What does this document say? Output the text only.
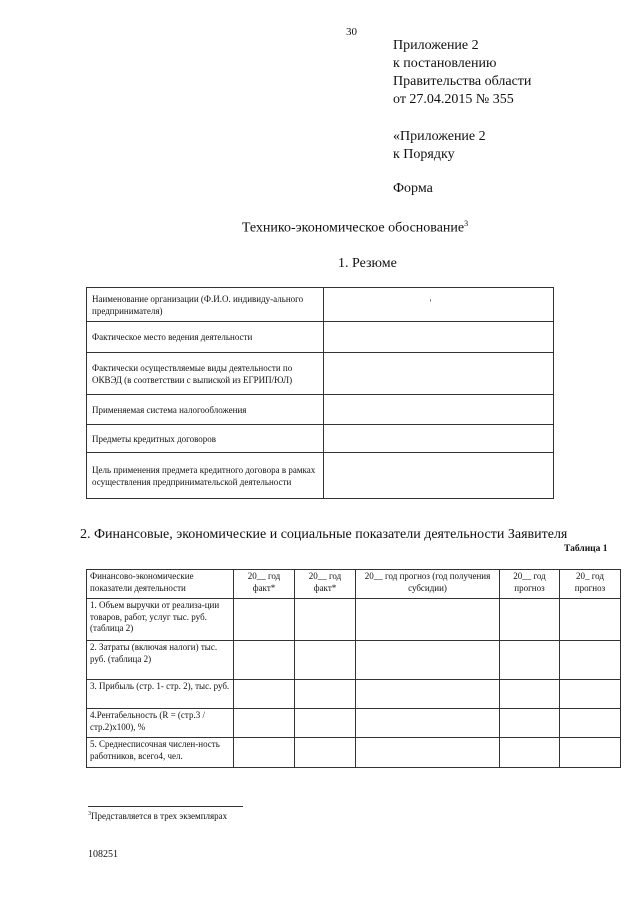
30
Приложение 2
к постановлению
Правительства области
от 27.04.2015 № 355
«Приложение 2
к Порядку
Форма
Технико-экономическое обоснование$^3$
1. Резюме
Наименование организации (Ф.И.О. индивиду-ального предпринимателя)	'
Фактическое место ведения деятельности	
Фактически осуществляемые виды деятельности по ОКВЭД (в соответствии с выпиской из ЕГРИП/ЮЛ)	
Применяемая система налогообложения	
Предметы кредитных договоров	
Цель применения предмета кредитного договора в рамках осуществления предпринимательской деятельности	
2. Финансовые, экономические и социальные показатели деятельности Заявителя
Таблица 1
Финансово-экономические показатели деятельности	20__ год факт*	20__ год факт*	20__ год прогноз (год получения субсидии)	20__ год прогноз	20_ год прогноз
1. Объем выручки от реализа-ции товаров, работ, услуг тыс. руб. (таблица 2)					
2. Затраты (включая налоги) тыс. руб. (таблица 2)					
3. Прибыль (стр. 1- стр. 2), тыс. руб.					
4.Рентабельность (R = (стр.3 / стр.2)х100), %					
5. Среднесписочная числен-ность работников, всего4, чел.					
$^3$Представляется в трех экземплярах
108251
